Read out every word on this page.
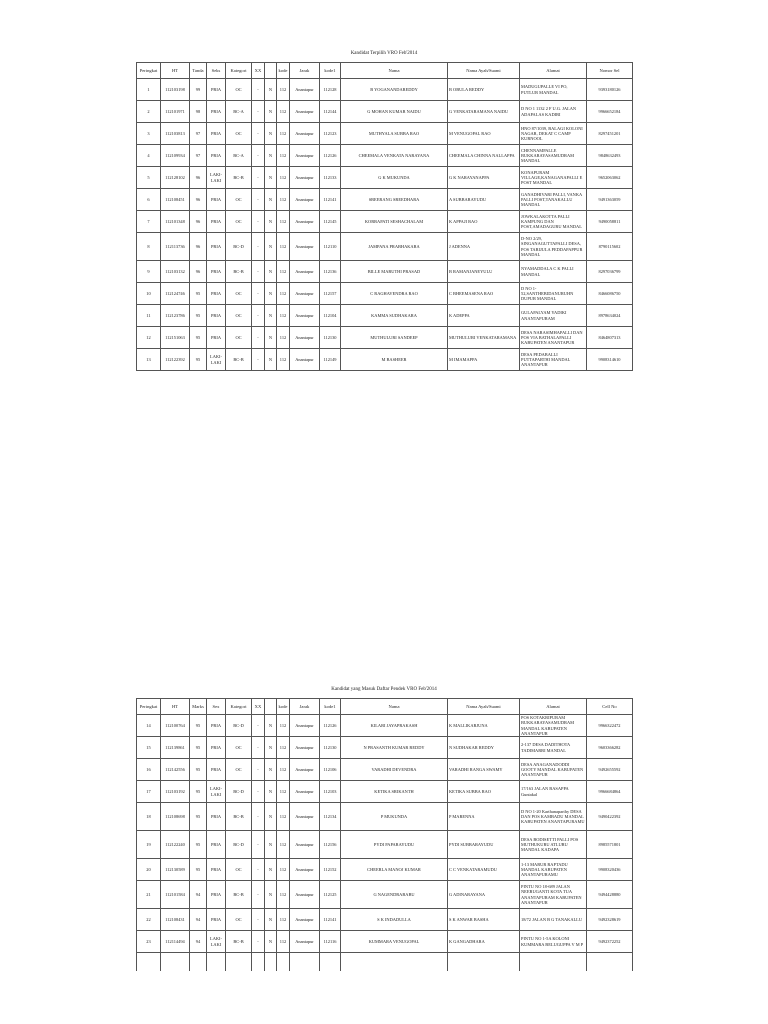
Kandidat Terpilih VRO Feb'2014
Peringkat	HT	Tanda	Seks	Kategori	XX		kode	Jarak	kode1	Nama	Nama Ayah/Suami	Alamat	Nomor Sel
1	112103198	99	PRIA	OC	-	N	112	Anantapur	112128	B YOGANANDAREDDY	B OBULA REDDY	MADUGUPALLE VI PO, PUTLUR MANDAL	9393180126
2	112101971	98	PRIA	BC-A	-	N	112	Anantapur	112144	G MOHAN KUMAR NAIDU	G VENKATARAMANA NAIDU	D NO 1 1132 2 F U.G. JALAN ADAPALAS KADIRI	9966652184
3	112103813	97	PRIA	OC	-	N	112	Anantapur	112123	MUTHYALA SUBBA RAO	M VENUGOPAL RAO	HNO 87/1039, BALAGI KOLONI NAGAR, DEKAT C CAMP KURNOOL	8297451201
4	112109934	97	PRIA	BC-A	-	N	112	Anantapur	112126	CHEEMALA VENKATA NARAYANA	CHEEMALA CHINNA NALLAPPA	CHENNAMPALLE BUKKARAYASAMUDRAM MANDAL	9848632493
5	112128102	96	LAKI-LAKI	BC-B	-	N	112	Anantapur	112133	G K MUKUNDA	G K NARAYANAPPA	KONAPURAM VILLAGE,KANAGANAPALLI E POST MANDAL	9652063062
6	112108451	96	PRIA	OC	-	N	112	Anantapur	112141	SREERANG SREEDHARA	A SUBBARAYUDU	GANADHIVARI PALLI, VANKA PALLI POST,TANAKALLU MANDAL	9491363059
7	112101348	96	PRIA	OC	-	N	112	Anantapur	112145	KORRAPATI SESHACHALAM	K APPAJI RAO	JOWKALAKOTTA PALLI KAMPUNG DAN POST,AMADAGURU MANDAL	9490058811
8	112113736	96	PRIA	BC-D	-	N	112	Anantapur	112110	JAMPANA PRABHAKARA	J ADENNA	D-NO 2/29, SINGANAGUTTAPALLI DESA, POS TARIJULA PEDDAPAPPUR MANDAL	8790115602
9	112103132	96	PRIA	BC-B	-	N	112	Anantapur	112136	BILLE MARUTHI PRASAD	B RAMANJANEYULU	NYAMADDALA C K PALLI MANDAL	8297036799
10	112124746	95	PRIA	OC	-	N	112	Anantapur	112157	C RAGHAVENDRA RAO	C BHEEMASENA RAO	D NO 1-52,SANTHEBIDANURUHN DUPUR MANDAL	8466086750
11	112123786	95	PRIA	OC	-	N	112	Anantapur	112104	KAMMA SUDHAKARA	K ADEPPA	GULAPALYAM YADIKI ANANTAPURAM	8978634024
12	112151063	95	PRIA	OC	-	N	112	Anantapur	112130	MUTHULURI SANDEEP	MUTHULURI VENKATARAMANA	DESA NARASIMHAPALLI DAN POS VIA BATHALAPALLI KABUPATEN ANANTAPUR	8464807313
13	112122392	95	LAKI-LAKI	BC-B	-	N	112	Anantapur	112149	M BASHEER	M IMAMAPPA	DESA PEDABALLI PUTTAPARTHI MANDAL ANANTAPUR	9908314610
Kandidat yang Masuk Daftar Pendek VRO Feb'2014
Peringkat	HT	Marks	Sex	Kategori	XX		kode	Jarak	kode1	Nama	Nama Ayah/Suami	Alamat	Cell No
14	112100764	95	PRIA	BC-D	-	N	112	Anantapur	112126	KILARI JAYAPRAKASH	K MALLIKARJUNA	POS KOTAKRIPURAM BUKKARAYASAMUDRAM MANDAL KABUPATEN ANANTAPUR	9966322472
15	112139861	95	PRIA	OC	-	N	112	Anantapur	112130	N PRASANTH KUMAR REDDY	N SUDHAKAR REDDY	2-137 DESA DADITHOTA TADIMARRI MANDAL	9603366282
16	112142556	95	PRIA	OC	-	N	112	Anantapur	112106	VARADHI DEVENDRA	VARADHI RANGA SWAMY	DESA ANAGANADODDI GOOTY MANDAL KABUPATEN ANANTAPUR	9492655592
17	112103192	95	LAKI-LAKI	BC-D	-	N	112	Anantapur	112103	KETIKA SRIKANTH	KETIKA SUBBA RAO	17/163 JALAN BASAPPA Guntakal	9966684864
18	112108698	95	PRIA	BC-B	-	N	112	Anantapur	112134	P MUKUNDA	P MARENNA	D NO 1-20 Karthanaparthy DESA DAN POS KAMBADU MANDAL KABUPATEN ANANTAPURAMU	9490422392
19	112122240	95	PRIA	BC-D	-	N	112	Anantapur	112156	PYDI PAPARAYUDU	PYDI SUBBARAYUDU	DESA BODISETTI PALLI POS MUTHUKURU ATLURU MANDAL KADAPA	8985571801
20	112130589	95	PRIA	OC	-	N	112	Anantapur	112152	CHEERLA MANOJ KUMAR	C C VENKATARAMUDU	1-13 MARUR RAPTADU MANDAL KABUPATEN ANANTAPURAMU	9908320436
21	112101584	94	PRIA	BC-B	-	N	112	Anantapur	112125	G NAGENDRABABU	G ADINARAYANA	PINTU NO 18-689 JALAN NEERUGANTI KOTA TUA ANANTAPURAM KABUPATEN ANANTAPUR	9494428880
22	112108431	94	PRIA	OC	-	N	112	Anantapur	112141	S K INDADULLA	S K ANWAR BASHA	18/72 JALAN B G TANAKALLU	9492328619
23	112114494	94	LAKI-LAKI	BC-B	-	N	112	Anantapur	112116	KUMMARA VENUGOPAL	K GANGADHARA	PINTU NO 1-5A KOLONI KUMMARA BELUGUPPA V M P	9492372252
